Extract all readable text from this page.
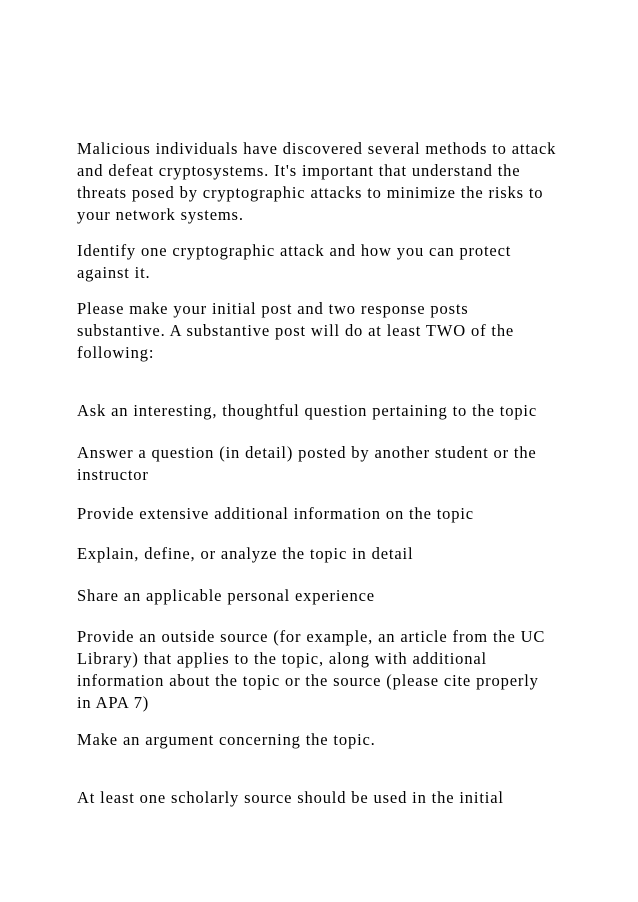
Malicious individuals have discovered several methods to attack

and defeat cryptosystems. It's important that understand the

threats posed by cryptographic attacks to minimize the risks to

your network systems.

Identify one cryptographic attack and how you can protect

against it.

Please make your initial post and two response posts

substantive. A substantive post will do at least TWO of the

following:

Ask an interesting, thoughtful question pertaining to the topic

Answer a question (in detail) posted by another student or the

instructor

Provide extensive additional information on the topic

Explain, define, or analyze the topic in detail

Share an applicable personal experience

Provide an outside source (for example, an article from the UC

Library) that applies to the topic, along with additional

information about the topic or the source (please cite properly

in APA 7)

Make an argument concerning the topic.

At least one scholarly source should be used in the initial
